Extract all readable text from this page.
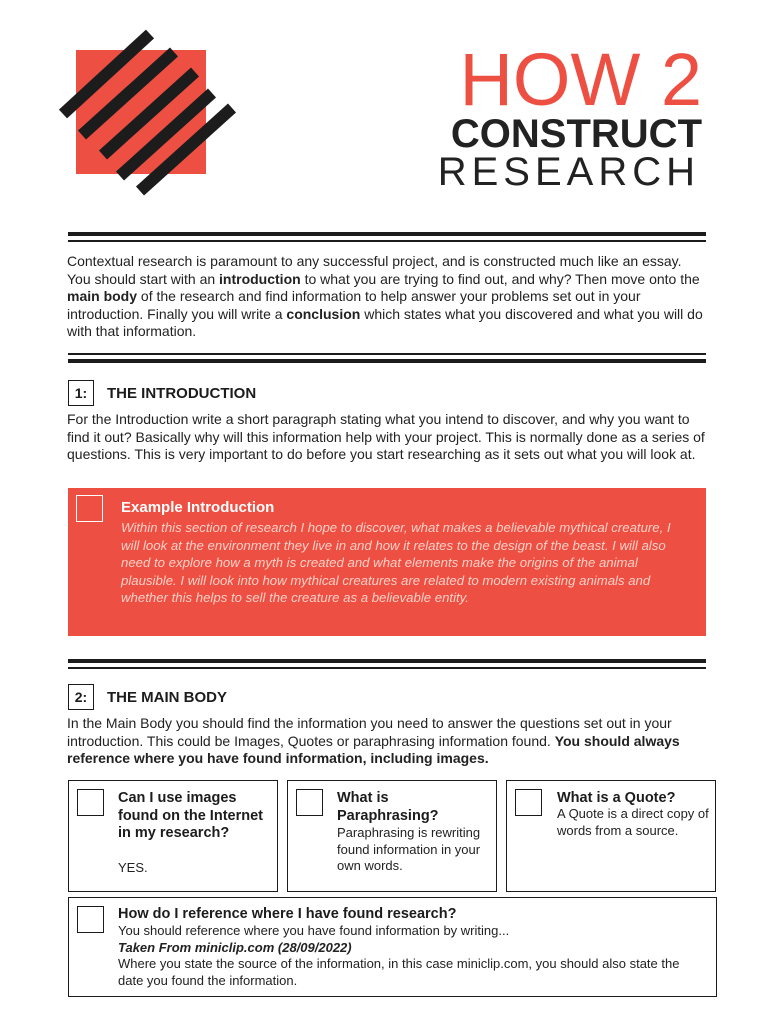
HOW 2
CONSTRUCT
RESEARCH
Contextual research is paramount to any successful project, and is constructed much like an essay. You should start with an introduction to what you are trying to find out, and why? Then move onto the main body of the research and find information to help answer your problems set out in your introduction. Finally you will write a conclusion which states what you discovered and what you will do with that information.
1:	THE INTRODUCTION
For the Introduction write a short paragraph stating what you intend to discover, and why you want to find it out? Basically why will this information help with your project. This is normally done as a series of questions. This is very important to do before you start researching as it sets out what you will look at.
Example Introduction
Within this section of research I hope to discover, what makes a believable mythical creature, I will look at the environment they live in and how it relates to the design of the beast. I will also need to explore how a myth is created and what elements make the origins of the animal plausible. I will look into how mythical creatures are related to modern existing animals and whether this helps to sell the creature as a believable entity.
2:	THE MAIN BODY
In the Main Body you should find the information you need to answer the questions set out in your introduction. This could be Images, Quotes or paraphrasing information found. You should always reference where you have found information, including images.
Can I use images found on the Internet in my research?
YES.
What is Paraphrasing?
Paraphrasing is rewriting found information in your own words.
What is a Quote?
A Quote is a direct copy of words from a source.
How do I reference where I have found research?
You should reference where you have found information by writing...
Taken From miniclip.com (28/09/2022)
Where you state the source of the information, in this case miniclip.com, you should also state the date you found the information.
